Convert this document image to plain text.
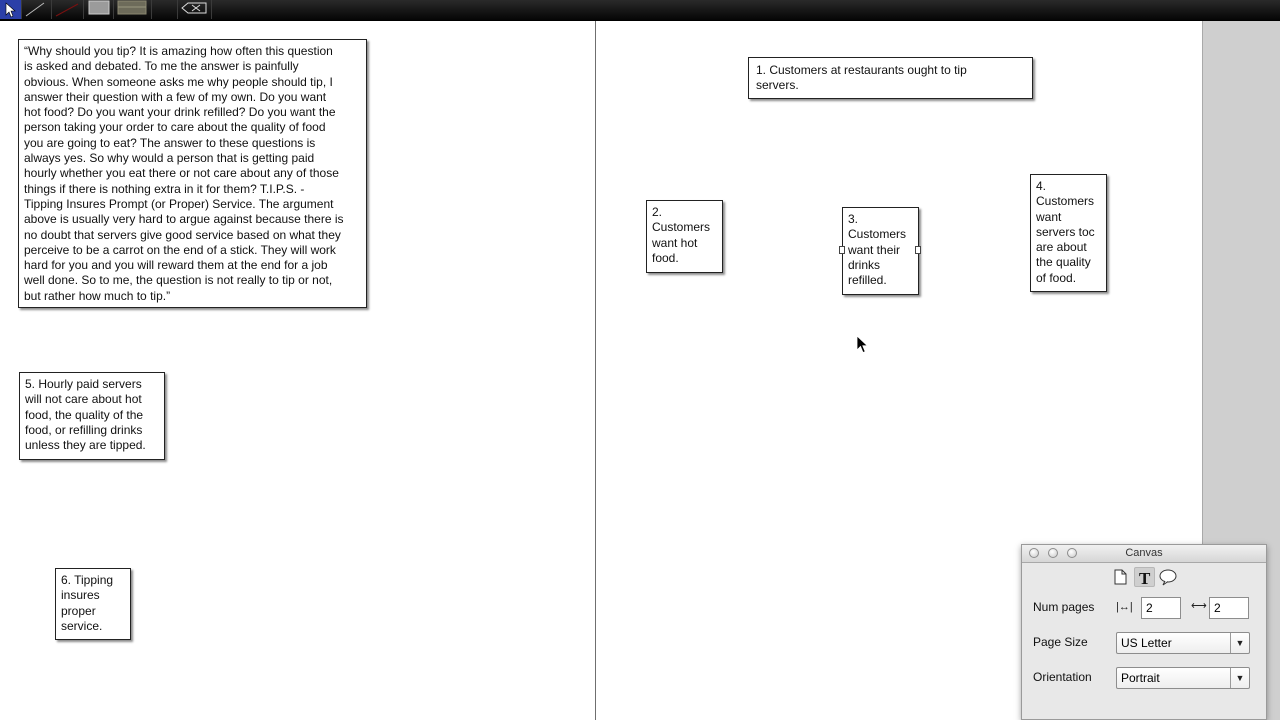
“Why should you tip? It is amazing how often this question
is asked and debated. To me the answer is painfully
obvious. When someone asks me why people should tip, I
answer their question with a few of my own. Do you want
hot food? Do you want your drink refilled? Do you want the
person taking your order to care about the quality of food
you are going to eat? The answer to these questions is
always yes. So why would a person that is getting paid
hourly whether you eat there or not care about any of those
things if there is nothing extra in it for them? T.I.P.S. -
Tipping Insures Prompt (or Proper) Service. The argument
above is usually very hard to argue against because there is
no doubt that servers give good service based on what they
perceive to be a carrot on the end of a stick. They will work
hard for you and you will reward them at the end for a job
well done. So to me, the question is not really to tip or not,
but rather how much to tip.”
1. Customers at restaurants ought to tip
servers.
2.
Customers
want hot
food.
3.
Customers
want their
drinks
refilled.
4.
Customers
want
servers toc
are about
the quality
of food.
5. Hourly paid servers
will not care about hot
food, the quality of the
food, or refilling drinks
unless they are tipped.
6. Tipping
insures
proper
service.
Canvas
T
Num pages |↔|	2	⟷ 2
Page Size	US Letter	▼
Orientation	Portrait	▼
